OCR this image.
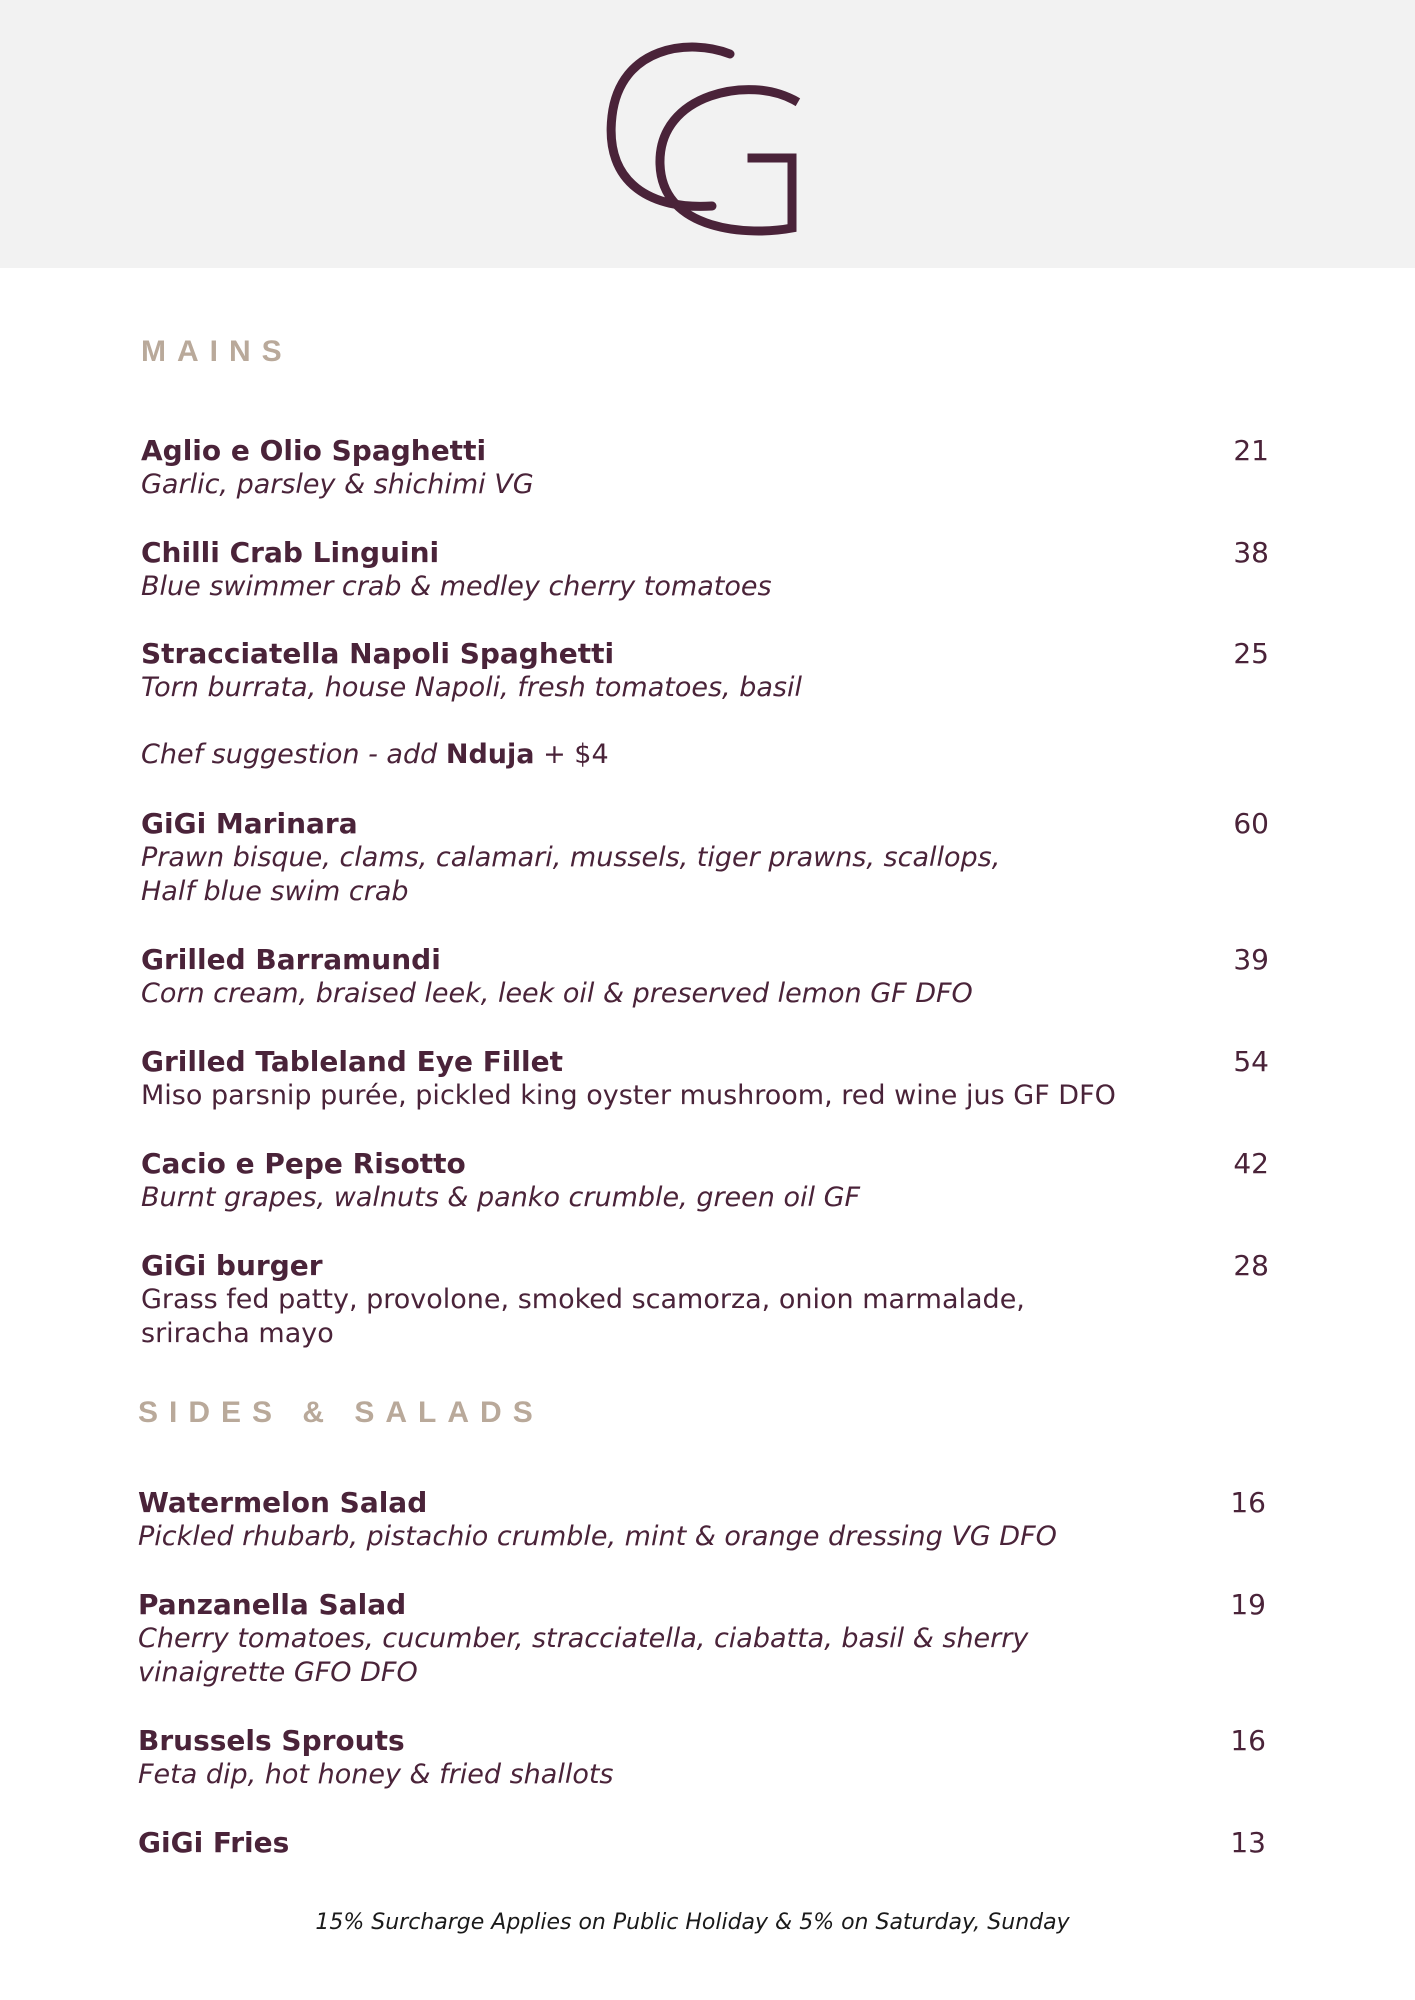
MAINS
Aglio e Olio Spaghetti
Garlic, parsley & shichimi VG
21
Chilli Crab Linguini
Blue swimmer crab & medley cherry tomatoes
38
Stracciatella Napoli Spaghetti
Torn burrata, house Napoli, fresh tomatoes, basil
25
Chef suggestion - add Nduja + $4
GiGi Marinara
Prawn bisque, clams, calamari, mussels, tiger prawns, scallops,
Half blue swim crab
60
Grilled Barramundi
Corn cream, braised leek, leek oil & preserved lemon GF DFO
39
Grilled Tableland Eye Fillet
Miso parsnip purée, pickled king oyster mushroom, red wine jus GF DFO
54
Cacio e Pepe Risotto
Burnt grapes, walnuts & panko crumble, green oil GF
42
GiGi burger
Grass fed patty, provolone, smoked scamorza, onion marmalade,
sriracha mayo
28
SIDES & SALADS
Watermelon Salad
Pickled rhubarb, pistachio crumble, mint & orange dressing VG DFO
16
Panzanella Salad
Cherry tomatoes, cucumber, stracciatella, ciabatta, basil & sherry
vinaigrette GFO DFO
19
Brussels Sprouts
Feta dip, hot honey & fried shallots
16
GiGi Fries	13
15% Surcharge Applies on Public Holiday & 5% on Saturday, Sunday
